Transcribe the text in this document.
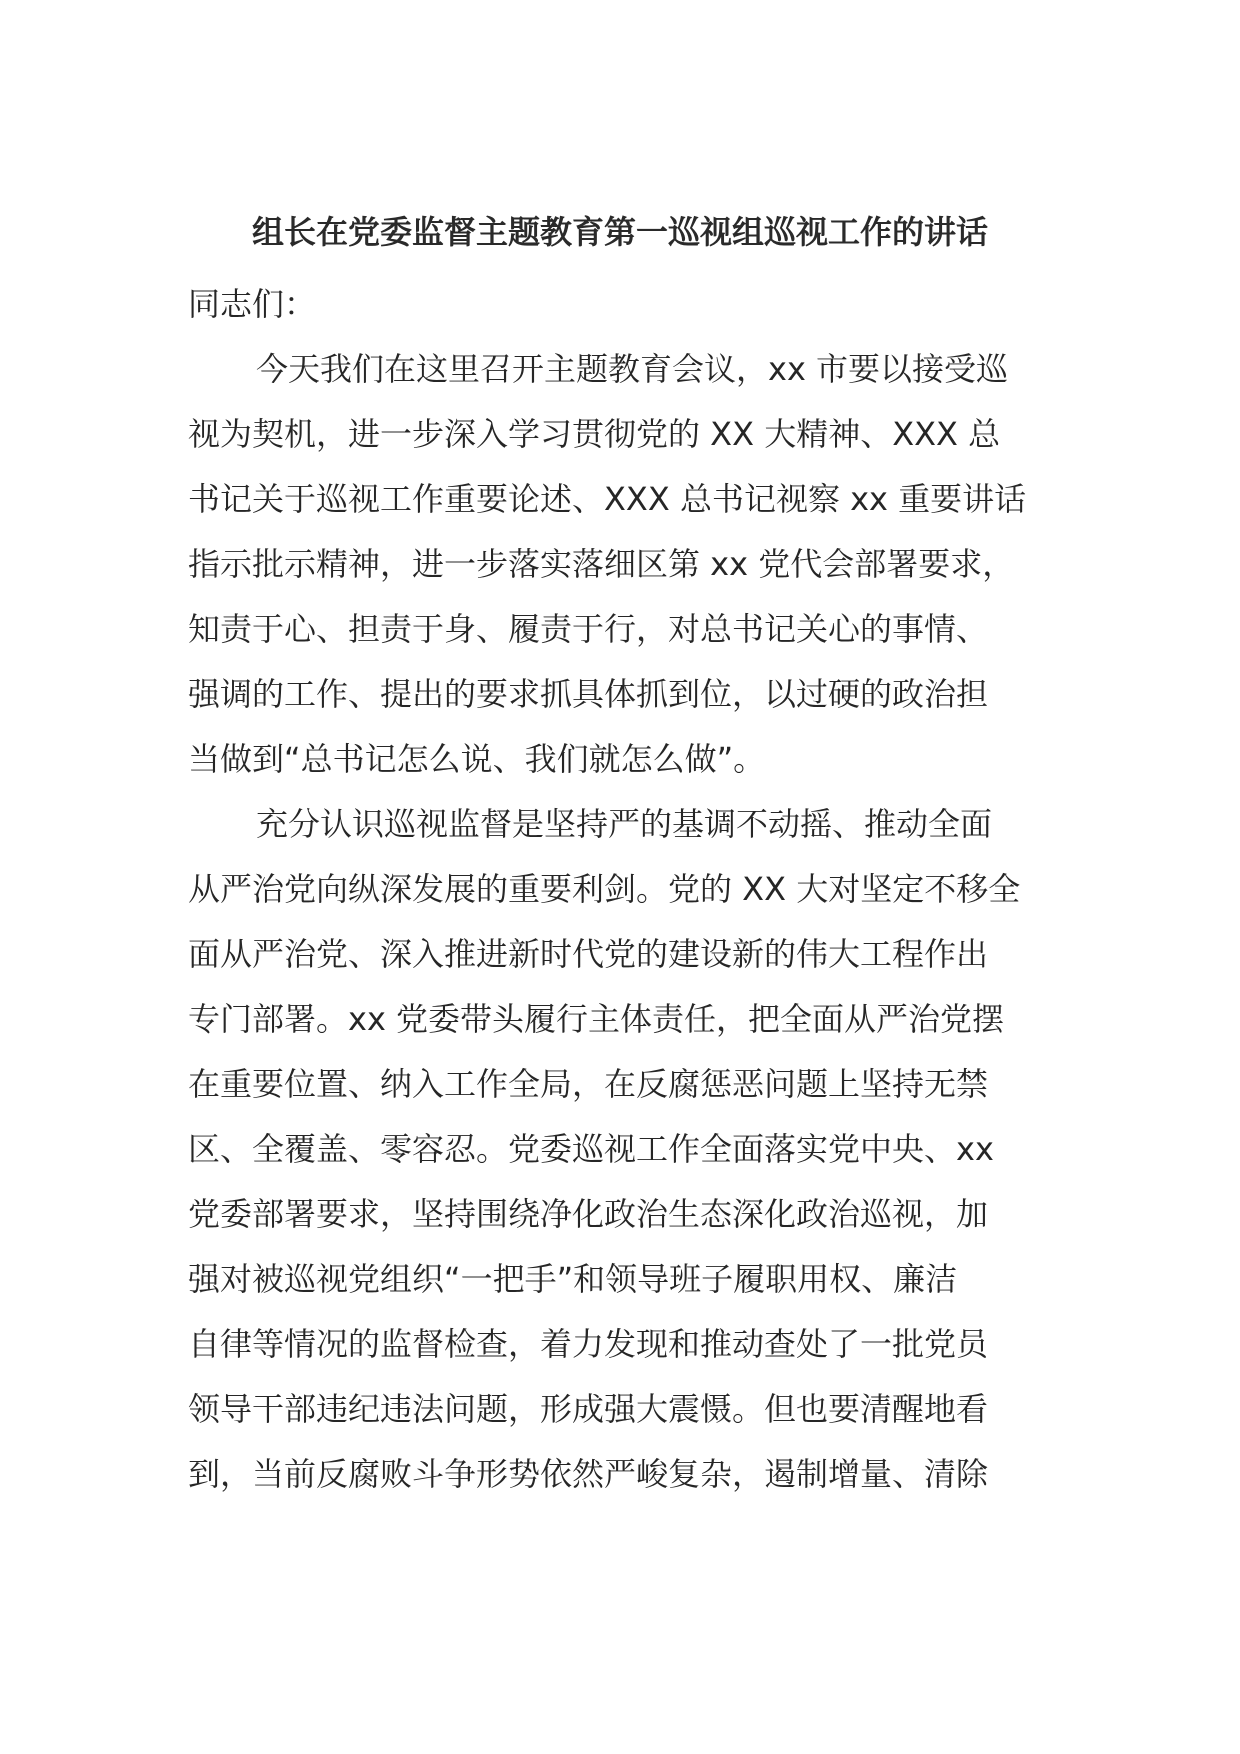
组长在党委监督主题教育第一巡视组巡视工作的讲话
同志们：
今天我们在这里召开主题教育会议，xx 市要以接受巡
视为契机，进一步深入学习贯彻党的 XX 大精神、XXX 总
书记关于巡视工作重要论述、XXX 总书记视察 xx 重要讲话
指示批示精神，进一步落实落细区第 xx 党代会部署要求，
知责于心、担责于身、履责于行，对总书记关心的事情、
强调的工作、提出的要求抓具体抓到位，以过硬的政治担
当做到“总书记怎么说、我们就怎么做”。
充分认识巡视监督是坚持严的基调不动摇、推动全面
从严治党向纵深发展的重要利剑。党的 XX 大对坚定不移全
面从严治党、深入推进新时代党的建设新的伟大工程作出
专门部署。xx 党委带头履行主体责任，把全面从严治党摆
在重要位置、纳入工作全局，在反腐惩恶问题上坚持无禁
区、全覆盖、零容忍。党委巡视工作全面落实党中央、xx
党委部署要求，坚持围绕净化政治生态深化政治巡视，加
强对被巡视党组织“一把手”和领导班子履职用权、廉洁
自律等情况的监督检查，着力发现和推动查处了一批党员
领导干部违纪违法问题，形成强大震慑。但也要清醒地看
到，当前反腐败斗争形势依然严峻复杂，遏制增量、清除
